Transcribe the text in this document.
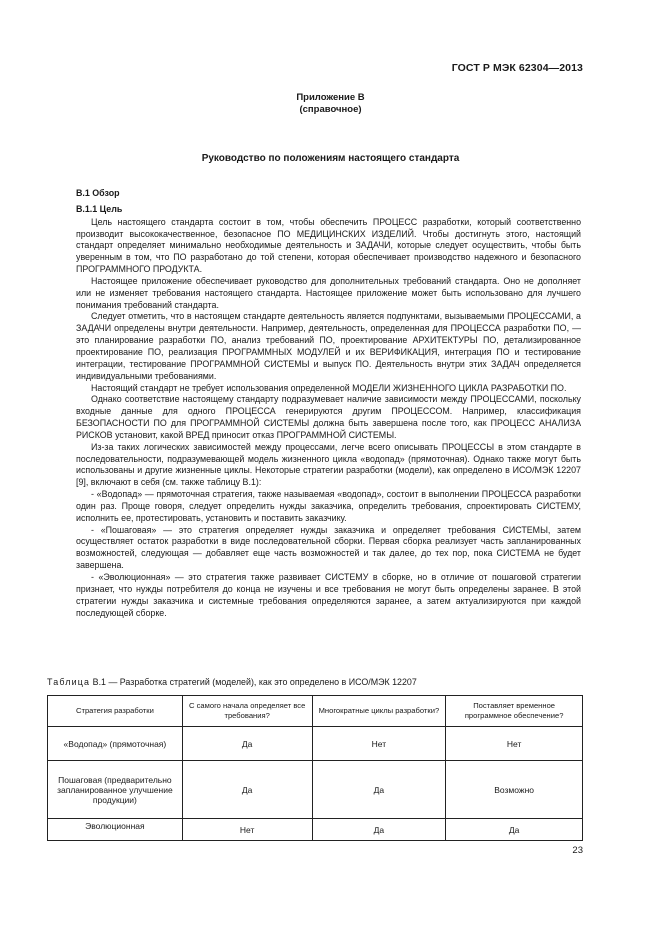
ГОСТ Р МЭК 62304—2013
Приложение В
(справочное)
Руководство по положениям настоящего стандарта

В.1 Обзор

В.1.1 Цель

Цель настоящего стандарта состоит в том, чтобы обеспечить ПРОЦЕСС разработки, который соответственно производит высококачественное, безопасное ПО МЕДИЦИНСКИХ ИЗДЕЛИЙ. Чтобы достигнуть этого, настоящий стандарт определяет минимально необходимые деятельность и ЗАДАЧИ, которые следует осуществить, чтобы быть уверенным в том, что ПО разработано до той степени, которая обеспечивает производство надежного и безопасного ПРОГРАММНОГО ПРОДУКТА.

Настоящее приложение обеспечивает руководство для дополнительных требований стандарта. Оно не дополняет или не изменяет требования настоящего стандарта. Настоящее приложение может быть использовано для лучшего понимания требований стандарта.

Следует отметить, что в настоящем стандарте деятельность является подпунктами, вызываемыми ПРОЦЕССАМИ, а ЗАДАЧИ определены внутри деятельности. Например, деятельность, определенная для ПРОЦЕССА разработки ПО, — это планирование разработки ПО, анализ требований ПО, проектирование АРХИТЕКТУРЫ ПО, детализированное проектирование ПО, реализация ПРОГРАММНЫХ МОДУЛЕЙ и их ВЕРИФИКАЦИЯ, интеграция ПО и тестирование интеграции, тестирование ПРОГРАММНОЙ СИСТЕМЫ и выпуск ПО. Деятельность внутри этих ЗАДАЧ определяется индивидуальными требованиями.

Настоящий стандарт не требует использования определенной МОДЕЛИ ЖИЗНЕННОГО ЦИКЛА РАЗРАБОТКИ ПО.

Однако соответствие настоящему стандарту подразумевает наличие зависимости между ПРОЦЕССАМИ, поскольку входные данные для одного ПРОЦЕССА генерируются другим ПРОЦЕССОМ. Например, классификация БЕЗОПАСНОСТИ ПО для ПРОГРАММНОЙ СИСТЕМЫ должна быть завершена после того, как ПРОЦЕСС АНАЛИЗА РИСКОВ установит, какой ВРЕД приносит отказ ПРОГРАММНОЙ СИСТЕМЫ.

Из-за таких логических зависимостей между процессами, легче всего описывать ПРОЦЕССЫ в этом стандарте в последовательности, подразумевающей модель жизненного цикла «водопад» (прямоточная). Однако также могут быть использованы и другие жизненные циклы. Некоторые стратегии разработки (модели), как определено в ИСО/МЭК 12207 [9], включают в себя (см. также таблицу В.1):

- «Водопад» — прямоточная стратегия, также называемая «водопад», состоит в выполнении ПРОЦЕССА разработки один раз. Проще говоря, следует определить нужды заказчика, определить требования, спроектировать СИСТЕМУ, исполнить ее, протестировать, установить и поставить заказчику.

- «Пошаговая» — это стратегия определяет нужды заказчика и определяет требования СИСТЕМЫ, затем осуществляет остаток разработки в виде последовательной сборки. Первая сборка реализует часть запланированных возможностей, следующая — добавляет еще часть возможностей и так далее, до тех пор, пока СИСТЕМА не будет завершена.

- «Эволюционная» — это стратегия также развивает СИСТЕМУ в сборке, но в отличие от пошаговой стратегии признает, что нужды потребителя до конца не изучены и все требования не могут быть определены заранее. В этой стратегии нужды заказчика и системные требования определяются заранее, а затем актуализируются при каждой последующей сборке.

Таблица В.1 — Разработка стратегий (моделей), как это определено в ИСО/МЭК 12207
Стратегия разработки	С самого начала определяет все требования?	Многократные циклы разработки?	Поставляет временное программное обеспечение?
«Водопад» (прямоточная)	Да	Нет	Нет
Пошаговая (предварительно запланированное улучшение продукции)	Да	Да	Возможно
Эволюционная	Нет	Да	Да
23
